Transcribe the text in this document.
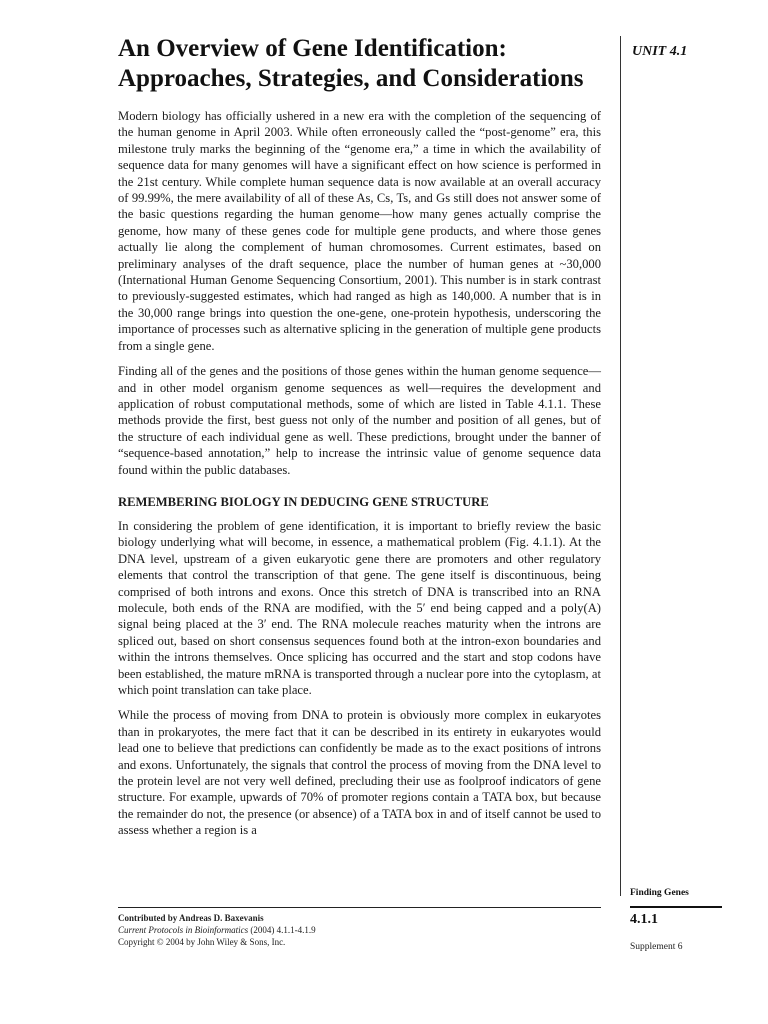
An Overview of Gene Identification: Approaches, Strategies, and Considerations
UNIT 4.1

Modern biology has officially ushered in a new era with the completion of the sequencing of the human genome in April 2003. While often erroneously called the “post-genome” era, this milestone truly marks the beginning of the “genome era,” a time in which the availability of sequence data for many genomes will have a significant effect on how science is performed in the 21st century. While complete human sequence data is now available at an overall accuracy of 99.99%, the mere availability of all of these As, Cs, Ts, and Gs still does not answer some of the basic questions regarding the human genome—how many genes actually comprise the genome, how many of these genes code for multiple gene products, and where those genes actually lie along the complement of human chromosomes. Current estimates, based on preliminary analyses of the draft sequence, place the number of human genes at ~30,000 (International Human Genome Sequencing Consortium, 2001). This number is in stark contrast to previously-suggested estimates, which had ranged as high as 140,000. A number that is in the 30,000 range brings into question the one-gene, one-protein hypothesis, underscoring the importance of processes such as alternative splicing in the generation of multiple gene products from a single gene.

Finding all of the genes and the positions of those genes within the human genome sequence—and in other model organism genome sequences as well—requires the development and application of robust computational methods, some of which are listed in Table 4.1.1. These methods provide the first, best guess not only of the number and position of all genes, but of the structure of each individual gene as well. These predictions, brought under the banner of “sequence-based annotation,” help to increase the intrinsic value of genome sequence data found within the public databases.

REMEMBERING BIOLOGY IN DEDUCING GENE STRUCTURE

In considering the problem of gene identification, it is important to briefly review the basic biology underlying what will become, in essence, a mathematical problem (Fig. 4.1.1). At the DNA level, upstream of a given eukaryotic gene there are promoters and other regulatory elements that control the transcription of that gene. The gene itself is discontinuous, being comprised of both introns and exons. Once this stretch of DNA is transcribed into an RNA molecule, both ends of the RNA are modified, with the 5′ end being capped and a poly(A) signal being placed at the 3′ end. The RNA molecule reaches maturity when the introns are spliced out, based on short consensus sequences found both at the intron-exon boundaries and within the introns themselves. Once splicing has occurred and the start and stop codons have been established, the mature mRNA is transported through a nuclear pore into the cytoplasm, at which point translation can take place.

While the process of moving from DNA to protein is obviously more complex in eukaryotes than in prokaryotes, the mere fact that it can be described in its entirety in eukaryotes would lead one to believe that predictions can confidently be made as to the exact positions of introns and exons. Unfortunately, the signals that control the process of moving from the DNA level to the protein level are not very well defined, precluding their use as foolproof indicators of gene structure. For example, upwards of 70% of promoter regions contain a TATA box, but because the remainder do not, the presence (or absence) of a TATA box in and of itself cannot be used to assess whether a region is a

Contributed by Andreas D. Baxevanis
Current Protocols in Bioinformatics (2004) 4.1.1-4.1.9
Copyright © 2004 by John Wiley & Sons, Inc.
Finding Genes
4.1.1
Supplement 6
